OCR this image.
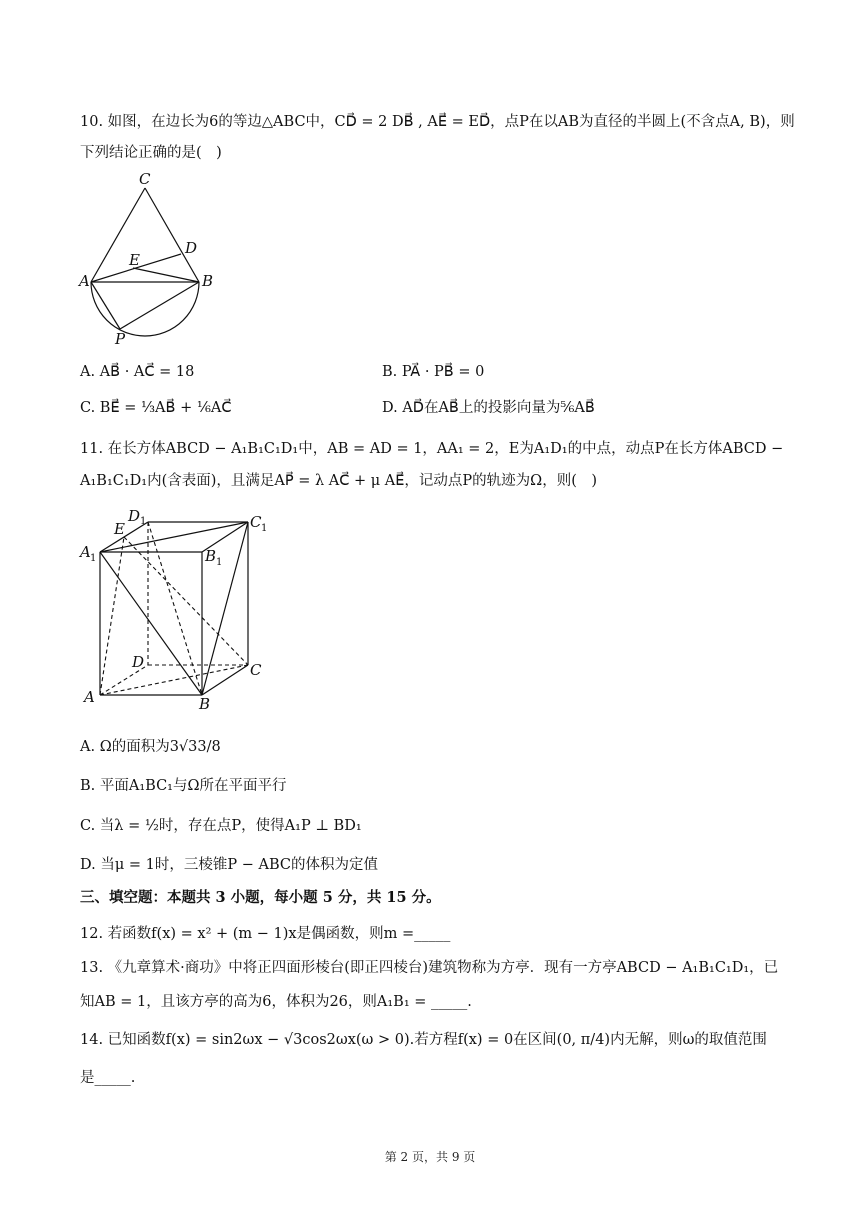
10. 如图，在边长为6的等边△ABC中，CD⃗ = 2 DB⃗ , AE⃗ = ED⃗，点P在以AB为直径的半圆上(不含点A, B)，则
下列结论正确的是(　)
C
D
E
A	B
P
A. AB⃗ · AC⃗ = 18	B. PA⃗ · PB⃗ = 0
C. BE⃗ = ⅓AB⃗ + ⅙AC⃗	D. AD⃗在AB⃗上的投影向量为⅚AB⃗
11. 在长方体ABCD − A₁B₁C₁D₁中，AB = AD = 1，AA₁ = 2，E为A₁D₁的中点，动点P在长方体ABCD −
A₁B₁C₁D₁内(含表面)，且满足AP⃗ = λ AC⃗ + μ AE⃗，记动点P的轨迹为Ω，则(　)
E
D 1	C 1
A 1	B 1
D	C
A	B
A. Ω的面积为3√33/8
B. 平面A₁BC₁与Ω所在平面平行
C. 当λ = ½时，存在点P，使得A₁P ⊥ BD₁
D. 当μ = 1时，三棱锥P − ABC的体积为定值
三、填空题：本题共 3 小题，每小题 5 分，共 15 分。
12. 若函数f(x) = x² + (m − 1)x是偶函数，则m =_____
13. 《九章算术·商功》中将正四面形棱台(即正四棱台)建筑物称为方亭．现有一方亭ABCD − A₁B₁C₁D₁，已
知AB = 1，且该方亭的高为6，体积为26，则A₁B₁ = _____.
14. 已知函数f(x) = sin2ωx − √3cos2ωx(ω > 0).若方程f(x) = 0在区间(0, π/4)内无解，则ω的取值范围
是_____.
第 2 页，共 9 页
